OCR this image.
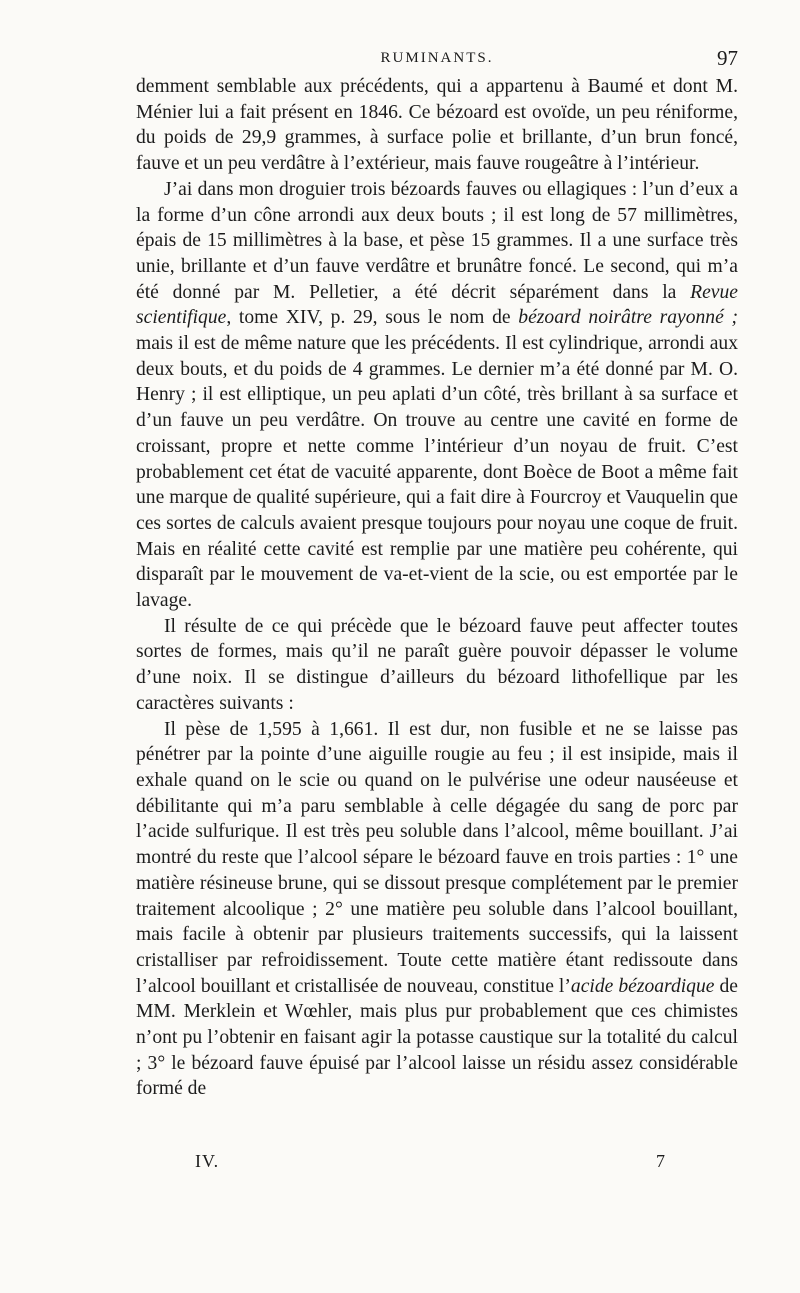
RUMINANTS.	97

demment semblable aux précédents, qui a appartenu à Baumé et dont M. Ménier lui a fait présent en 1846. Ce bézoard est ovoïde, un peu réniforme, du poids de 29,9 grammes, à surface polie et brillante, d’un brun foncé, fauve et un peu verdâtre à l’extérieur, mais fauve rougeâtre à l’intérieur.

J’ai dans mon droguier trois bézoards fauves ou ellagiques : l’un d’eux a la forme d’un cône arrondi aux deux bouts ; il est long de 57 millimètres, épais de 15 millimètres à la base, et pèse 15 grammes. Il a une surface très unie, brillante et d’un fauve verdâtre et brunâtre foncé. Le second, qui m’a été donné par M. Pelletier, a été décrit séparément dans la Revue scientifique, tome XIV, p. 29, sous le nom de bézoard noirâtre rayonné ; mais il est de même nature que les précédents. Il est cylindrique, arrondi aux deux bouts, et du poids de 4 grammes. Le dernier m’a été donné par M. O. Henry ; il est elliptique, un peu aplati d’un côté, très brillant à sa surface et d’un fauve un peu verdâtre. On trouve au centre une cavité en forme de croissant, propre et nette comme l’intérieur d’un noyau de fruit. C’est probablement cet état de vacuité apparente, dont Boèce de Boot a même fait une marque de qualité supérieure, qui a fait dire à Fourcroy et Vauquelin que ces sortes de calculs avaient presque toujours pour noyau une coque de fruit. Mais en réalité cette cavité est remplie par une matière peu cohérente, qui disparaît par le mouvement de va-et-vient de la scie, ou est emportée par le lavage.

Il résulte de ce qui précède que le bézoard fauve peut affecter toutes sortes de formes, mais qu’il ne paraît guère pouvoir dépasser le volume d’une noix. Il se distingue d’ailleurs du bézoard lithofellique par les caractères suivants :

Il pèse de 1,595 à 1,661. Il est dur, non fusible et ne se laisse pas pénétrer par la pointe d’une aiguille rougie au feu ; il est insipide, mais il exhale quand on le scie ou quand on le pulvérise une odeur nauséeuse et débilitante qui m’a paru semblable à celle dégagée du sang de porc par l’acide sulfurique. Il est très peu soluble dans l’alcool, même bouillant. J’ai montré du reste que l’alcool sépare le bézoard fauve en trois parties : 1° une matière résineuse brune, qui se dissout presque complétement par le premier traitement alcoolique ; 2° une matière peu soluble dans l’alcool bouillant, mais facile à obtenir par plusieurs traitements successifs, qui la laissent cristalliser par refroidissement. Toute cette matière étant redissoute dans l’alcool bouillant et cristallisée de nouveau, constitue l’acide bézoardique de MM. Merklein et Wœhler, mais plus pur probablement que ces chimistes n’ont pu l’obtenir en faisant agir la potasse caustique sur la totalité du calcul ; 3° le bézoard fauve épuisé par l’alcool laisse un résidu assez considérable formé de

IV.	7
